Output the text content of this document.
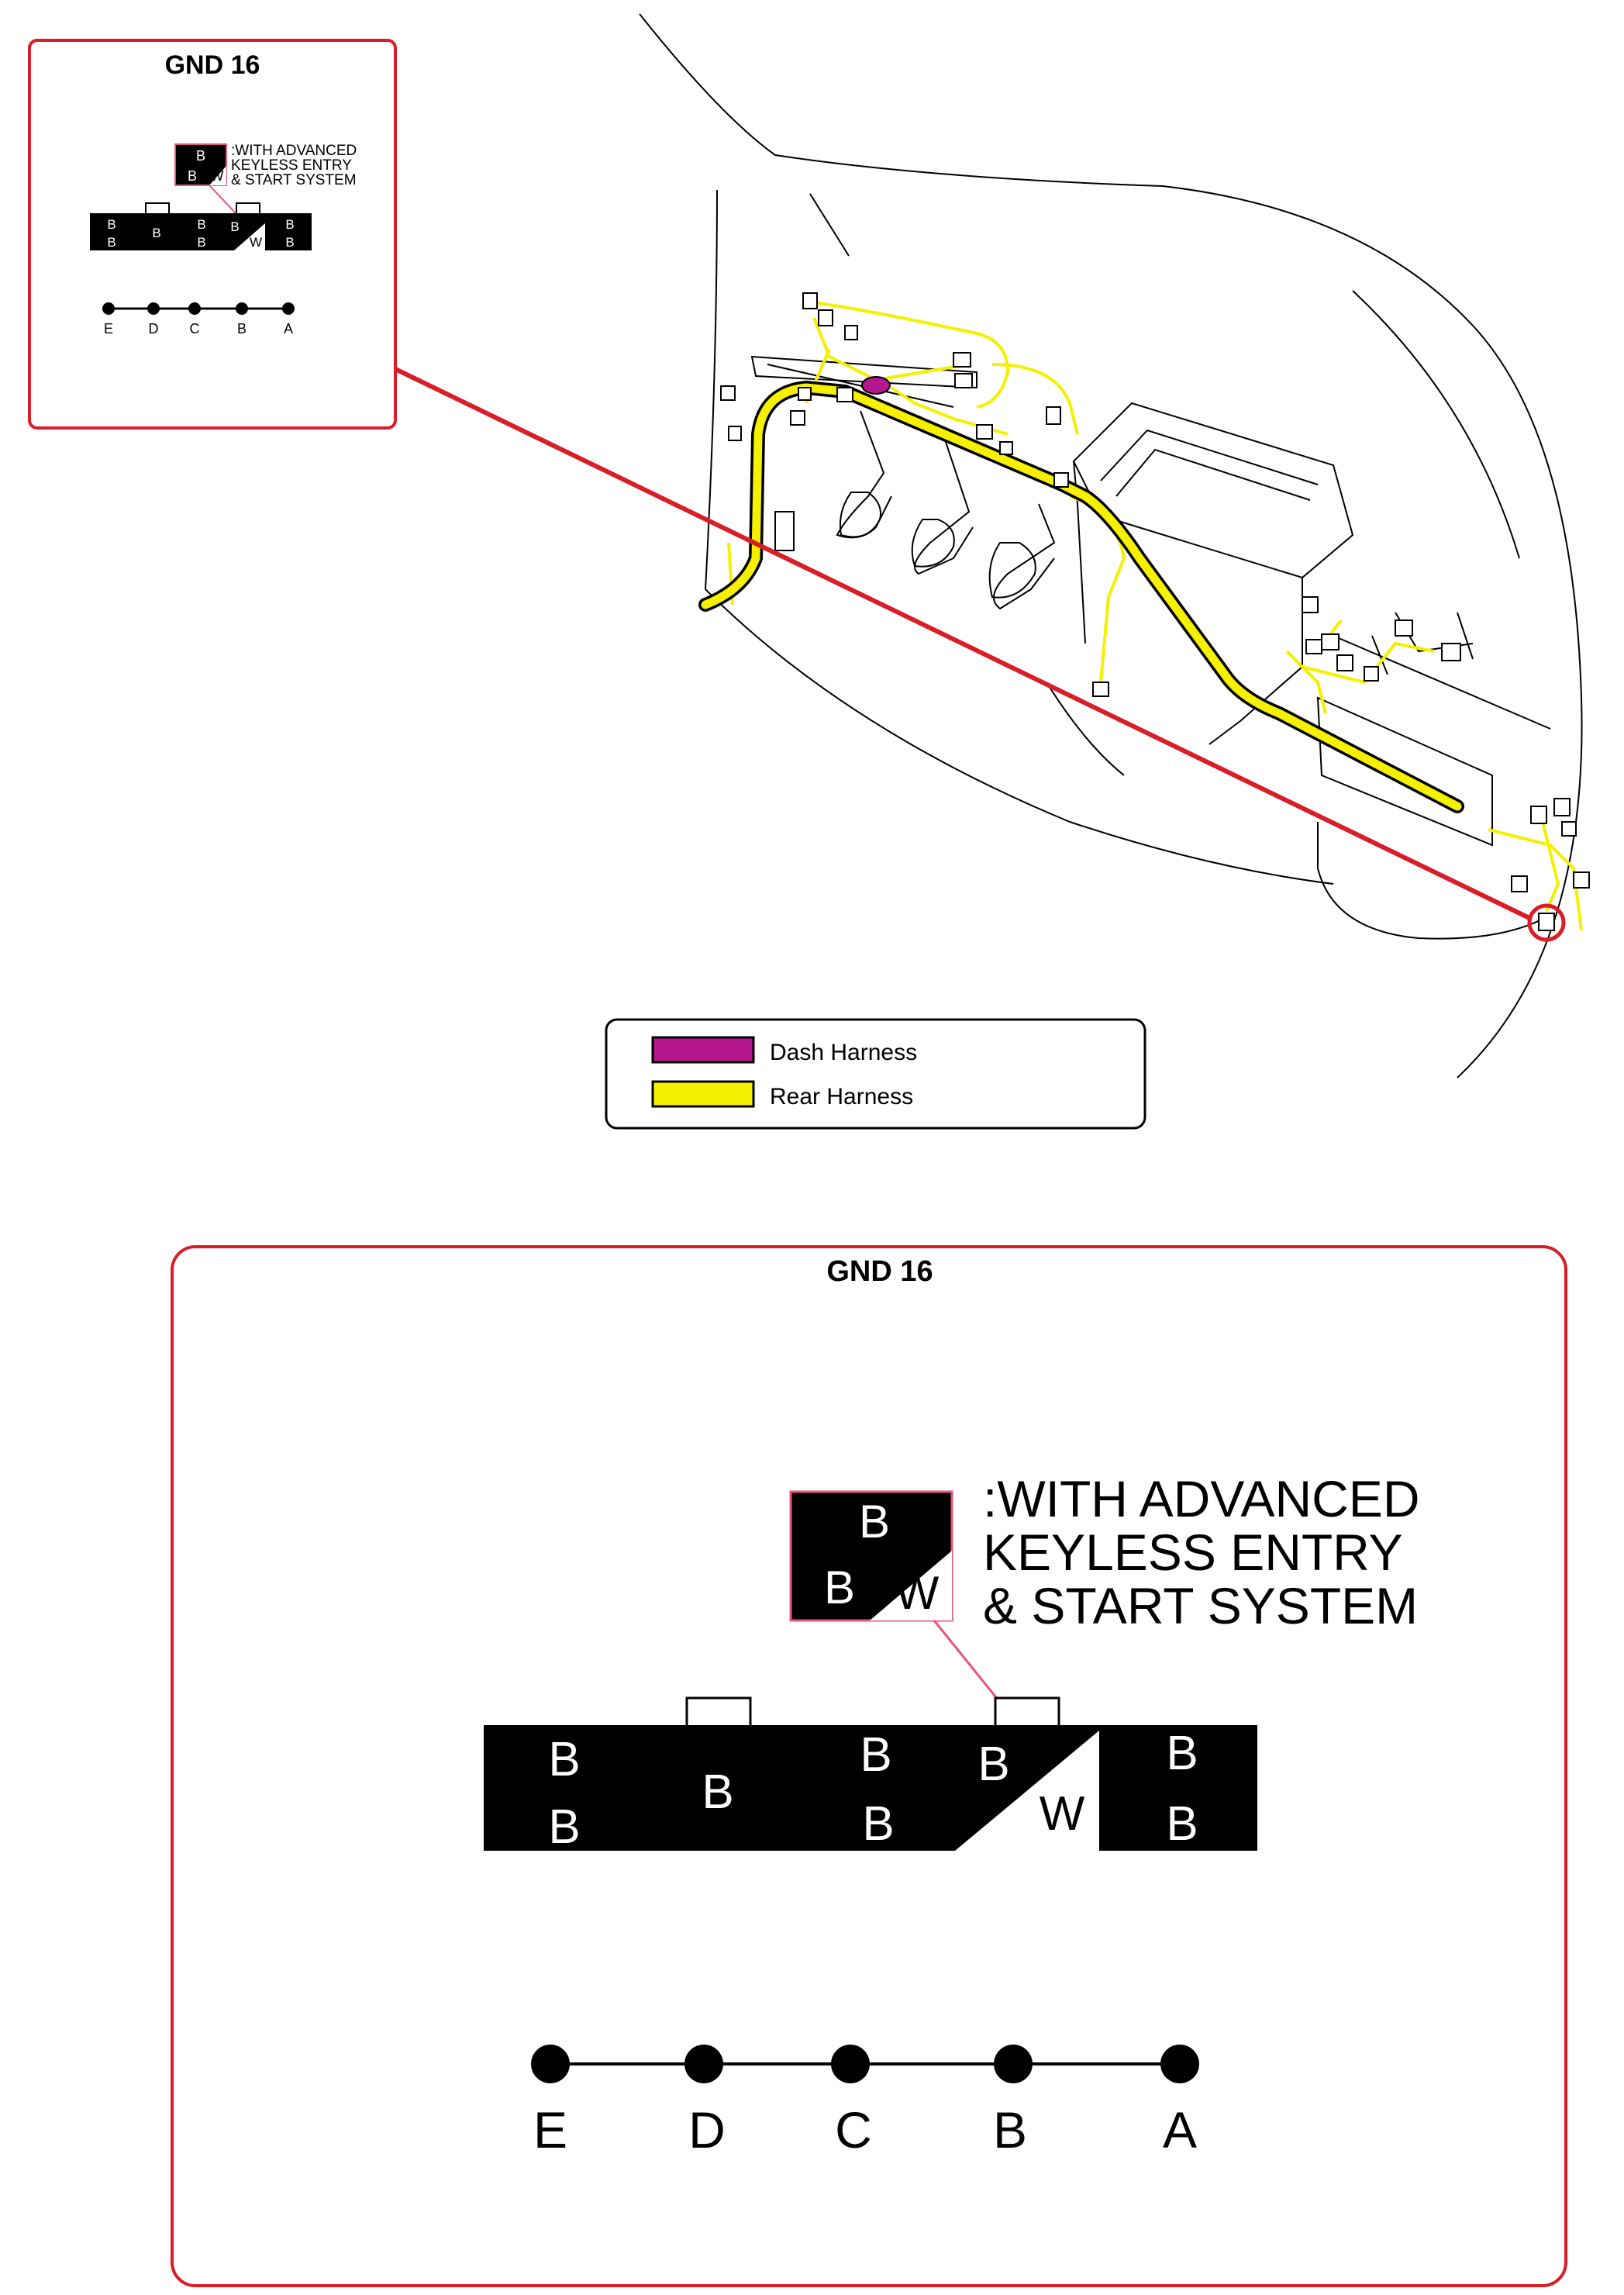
GND 16
B
B W
:WITH ADVANCED
KEYLESS ENTRY
& START SYSTEM
B
B
B
B
B
B
W
B
B
E	D C	B	A
Dash Harness
Rear Harness
GND 16
B
B W
:WITH ADVANCED
KEYLESS ENTRY
& START SYSTEM
B
B
B
B
B
B
W
B
B
E D C B	A
